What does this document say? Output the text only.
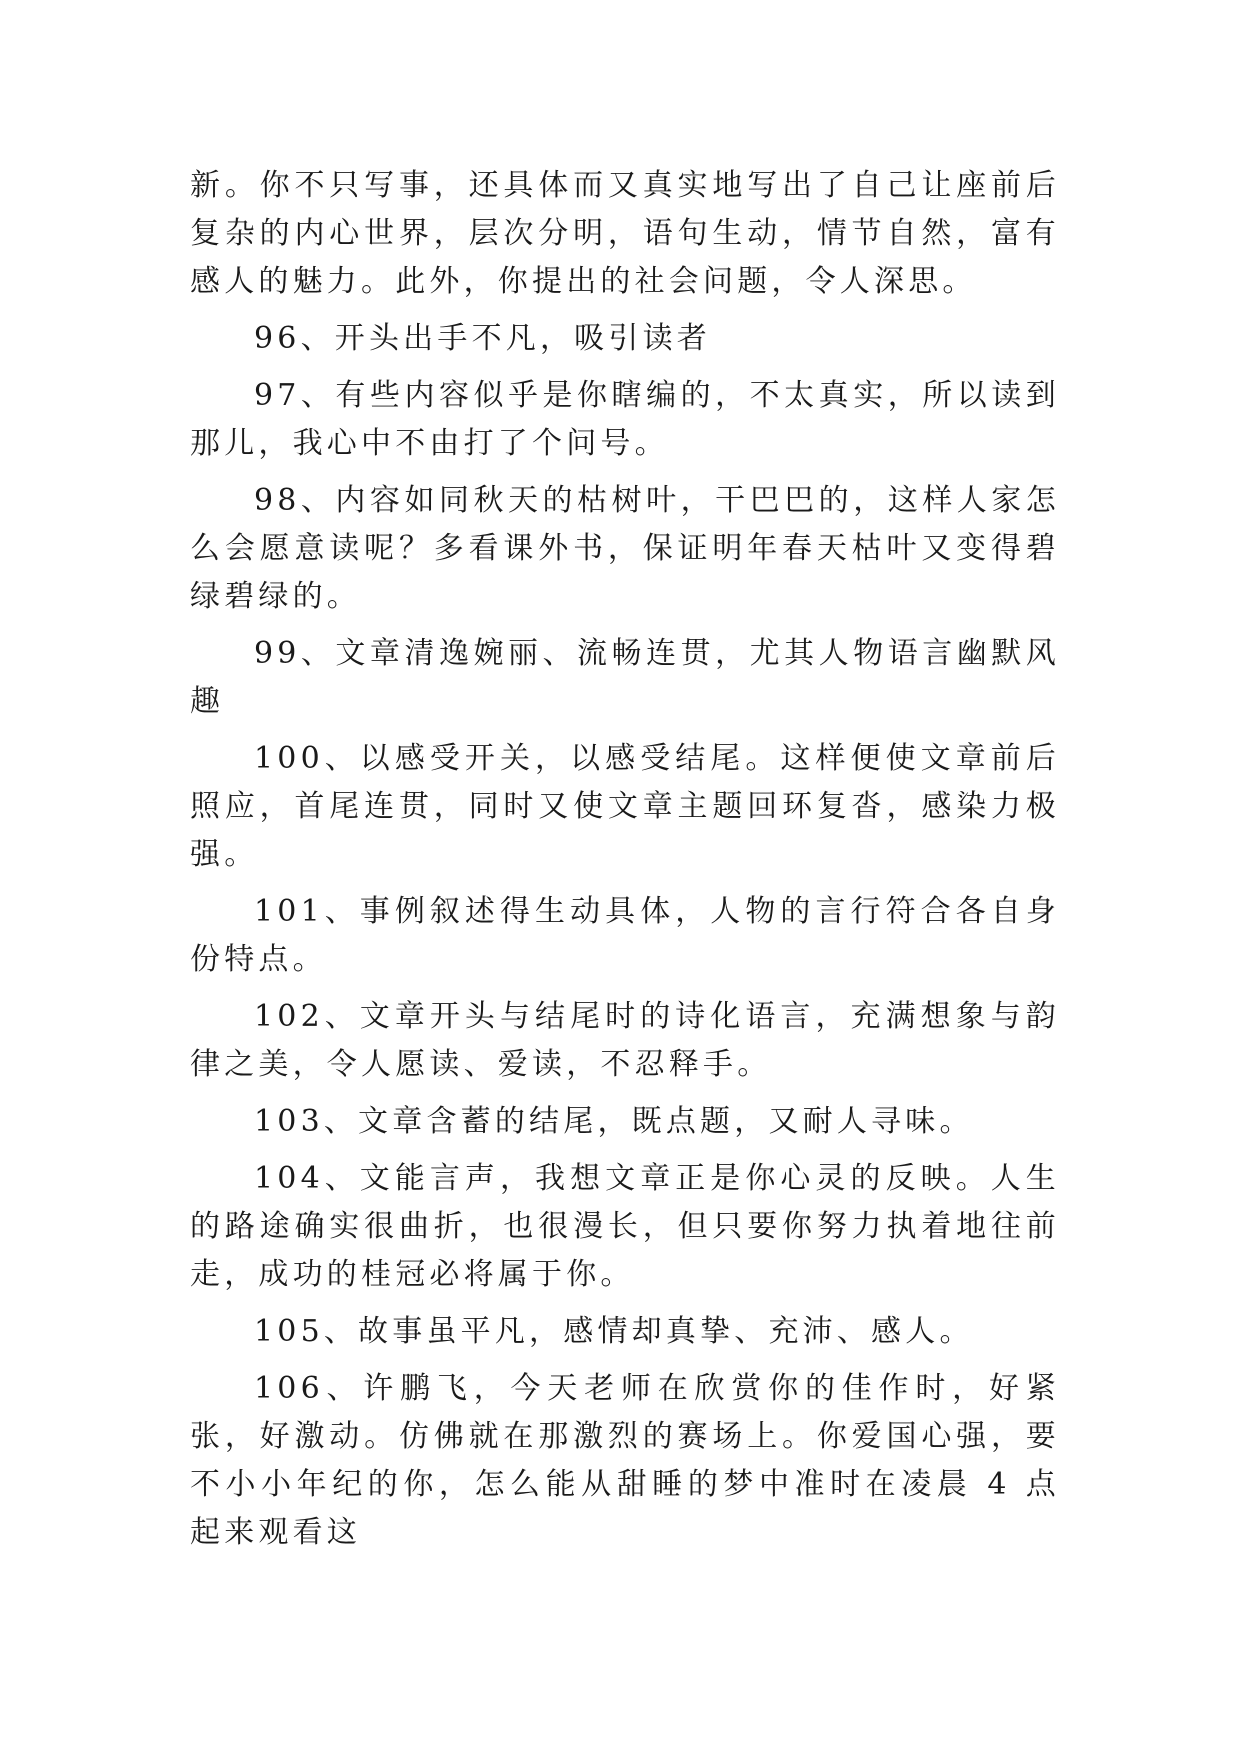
新。你不只写事，还具体而又真实地写出了自己让座前后复杂的内心世界，层次分明，语句生动，情节自然，富有感人的魅力。此外，你提出的社会问题，令人深思。

96、开头出手不凡，吸引读者

97、有些内容似乎是你瞎编的，不太真实，所以读到那儿，我心中不由打了个问号。

98、内容如同秋天的枯树叶，干巴巴的，这样人家怎么会愿意读呢？多看课外书，保证明年春天枯叶又变得碧绿碧绿的。

99、文章清逸婉丽、流畅连贯，尤其人物语言幽默风趣

100、以感受开关，以感受结尾。这样便使文章前后照应，首尾连贯，同时又使文章主题回环复沓，感染力极强。

101、事例叙述得生动具体，人物的言行符合各自身份特点。

102、文章开头与结尾时的诗化语言，充满想象与韵律之美，令人愿读、爱读，不忍释手。

103、文章含蓄的结尾，既点题，又耐人寻味。

104、文能言声，我想文章正是你心灵的反映。人生的路途确实很曲折，也很漫长，但只要你努力执着地往前走，成功的桂冠必将属于你。

105、故事虽平凡，感情却真挚、充沛、感人。

106、许鹏飞，今天老师在欣赏你的佳作时，好紧张，好激动。仿佛就在那激烈的赛场上。你爱国心强，要不小小年纪的你，怎么能从甜睡的梦中准时在凌晨 4 点起来观看这
